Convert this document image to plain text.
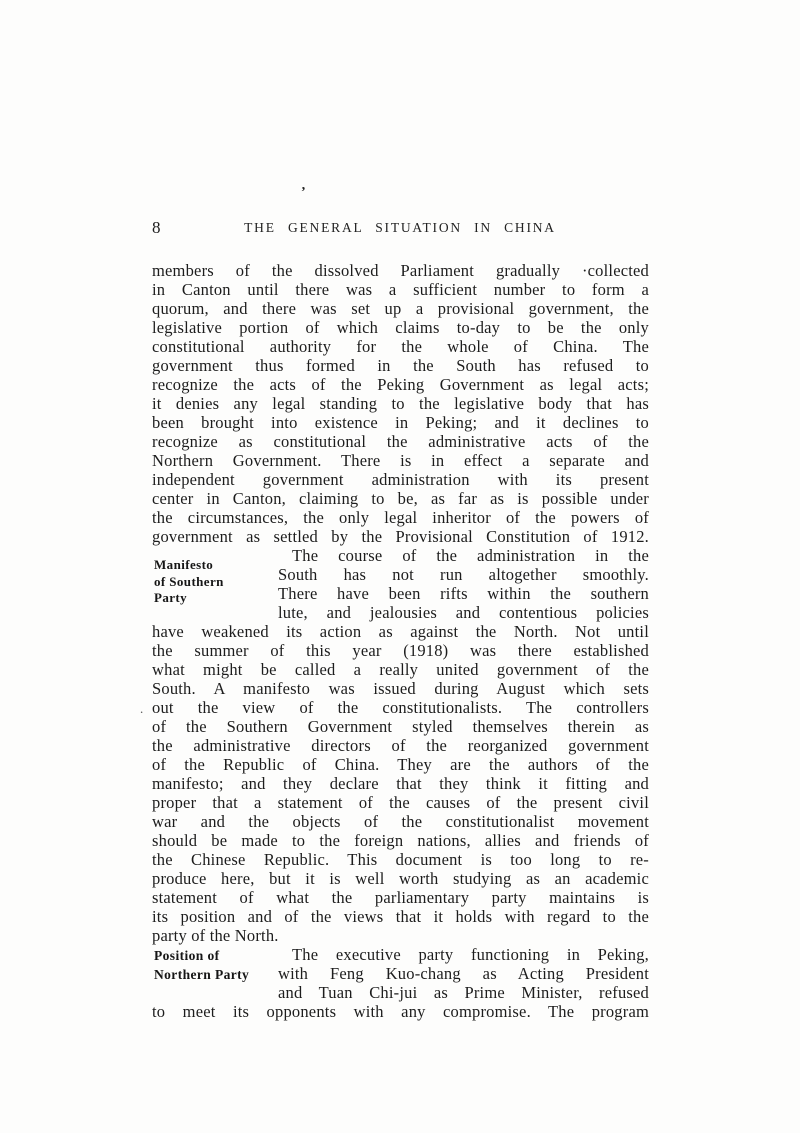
’
.
8	THE GENERAL SITUATION IN CHINA
members of the dissolved Parliament gradually ·collected
in Canton until there was a sufficient number to form a
quorum, and there was set up a provisional government, the
legislative portion of which claims to-day to be the only
constitutional authority for the whole of China. The
government thus formed in the South has refused to
recognize the acts of the Peking Government as legal acts;
it denies any legal standing to the legislative body that has
been brought into existence in Peking; and it declines to
recognize as constitutional the administrative acts of the
Northern Government. There is in effect a separate and
independent government administration with its present
center in Canton, claiming to be, as far as is possible under
the circumstances, the only legal inheritor of the powers of
government as settled by the Provisional Constitution of 1912.
Manifesto
of Southern
Party
The course of the administration in the
South has not run altogether smoothly.
There have been rifts within the southern
lute, and jealousies and contentious policies
have weakened its action as against the North. Not until
the summer of this year (1918) was there established
what might be called a really united government of the
South. A manifesto was issued during August which sets
out the view of the constitutionalists. The controllers
of the Southern Government styled themselves therein as
the administrative directors of the reorganized government
of the Republic of China. They are the authors of the
manifesto; and they declare that they think it fitting and
proper that a statement of the causes of the present civil
war and the objects of the constitutionalist movement
should be made to the foreign nations, allies and friends of
the Chinese Republic. This document is too long to re-
produce here, but it is well worth studying as an academic
statement of what the parliamentary party maintains is
its position and of the views that it holds with regard to the
party of the North.
Position of
Northern Party
The executive party functioning in Peking,
with Feng Kuo-chang as Acting President
and Tuan Chi-jui as Prime Minister, refused
to meet its opponents with any compromise. The program
